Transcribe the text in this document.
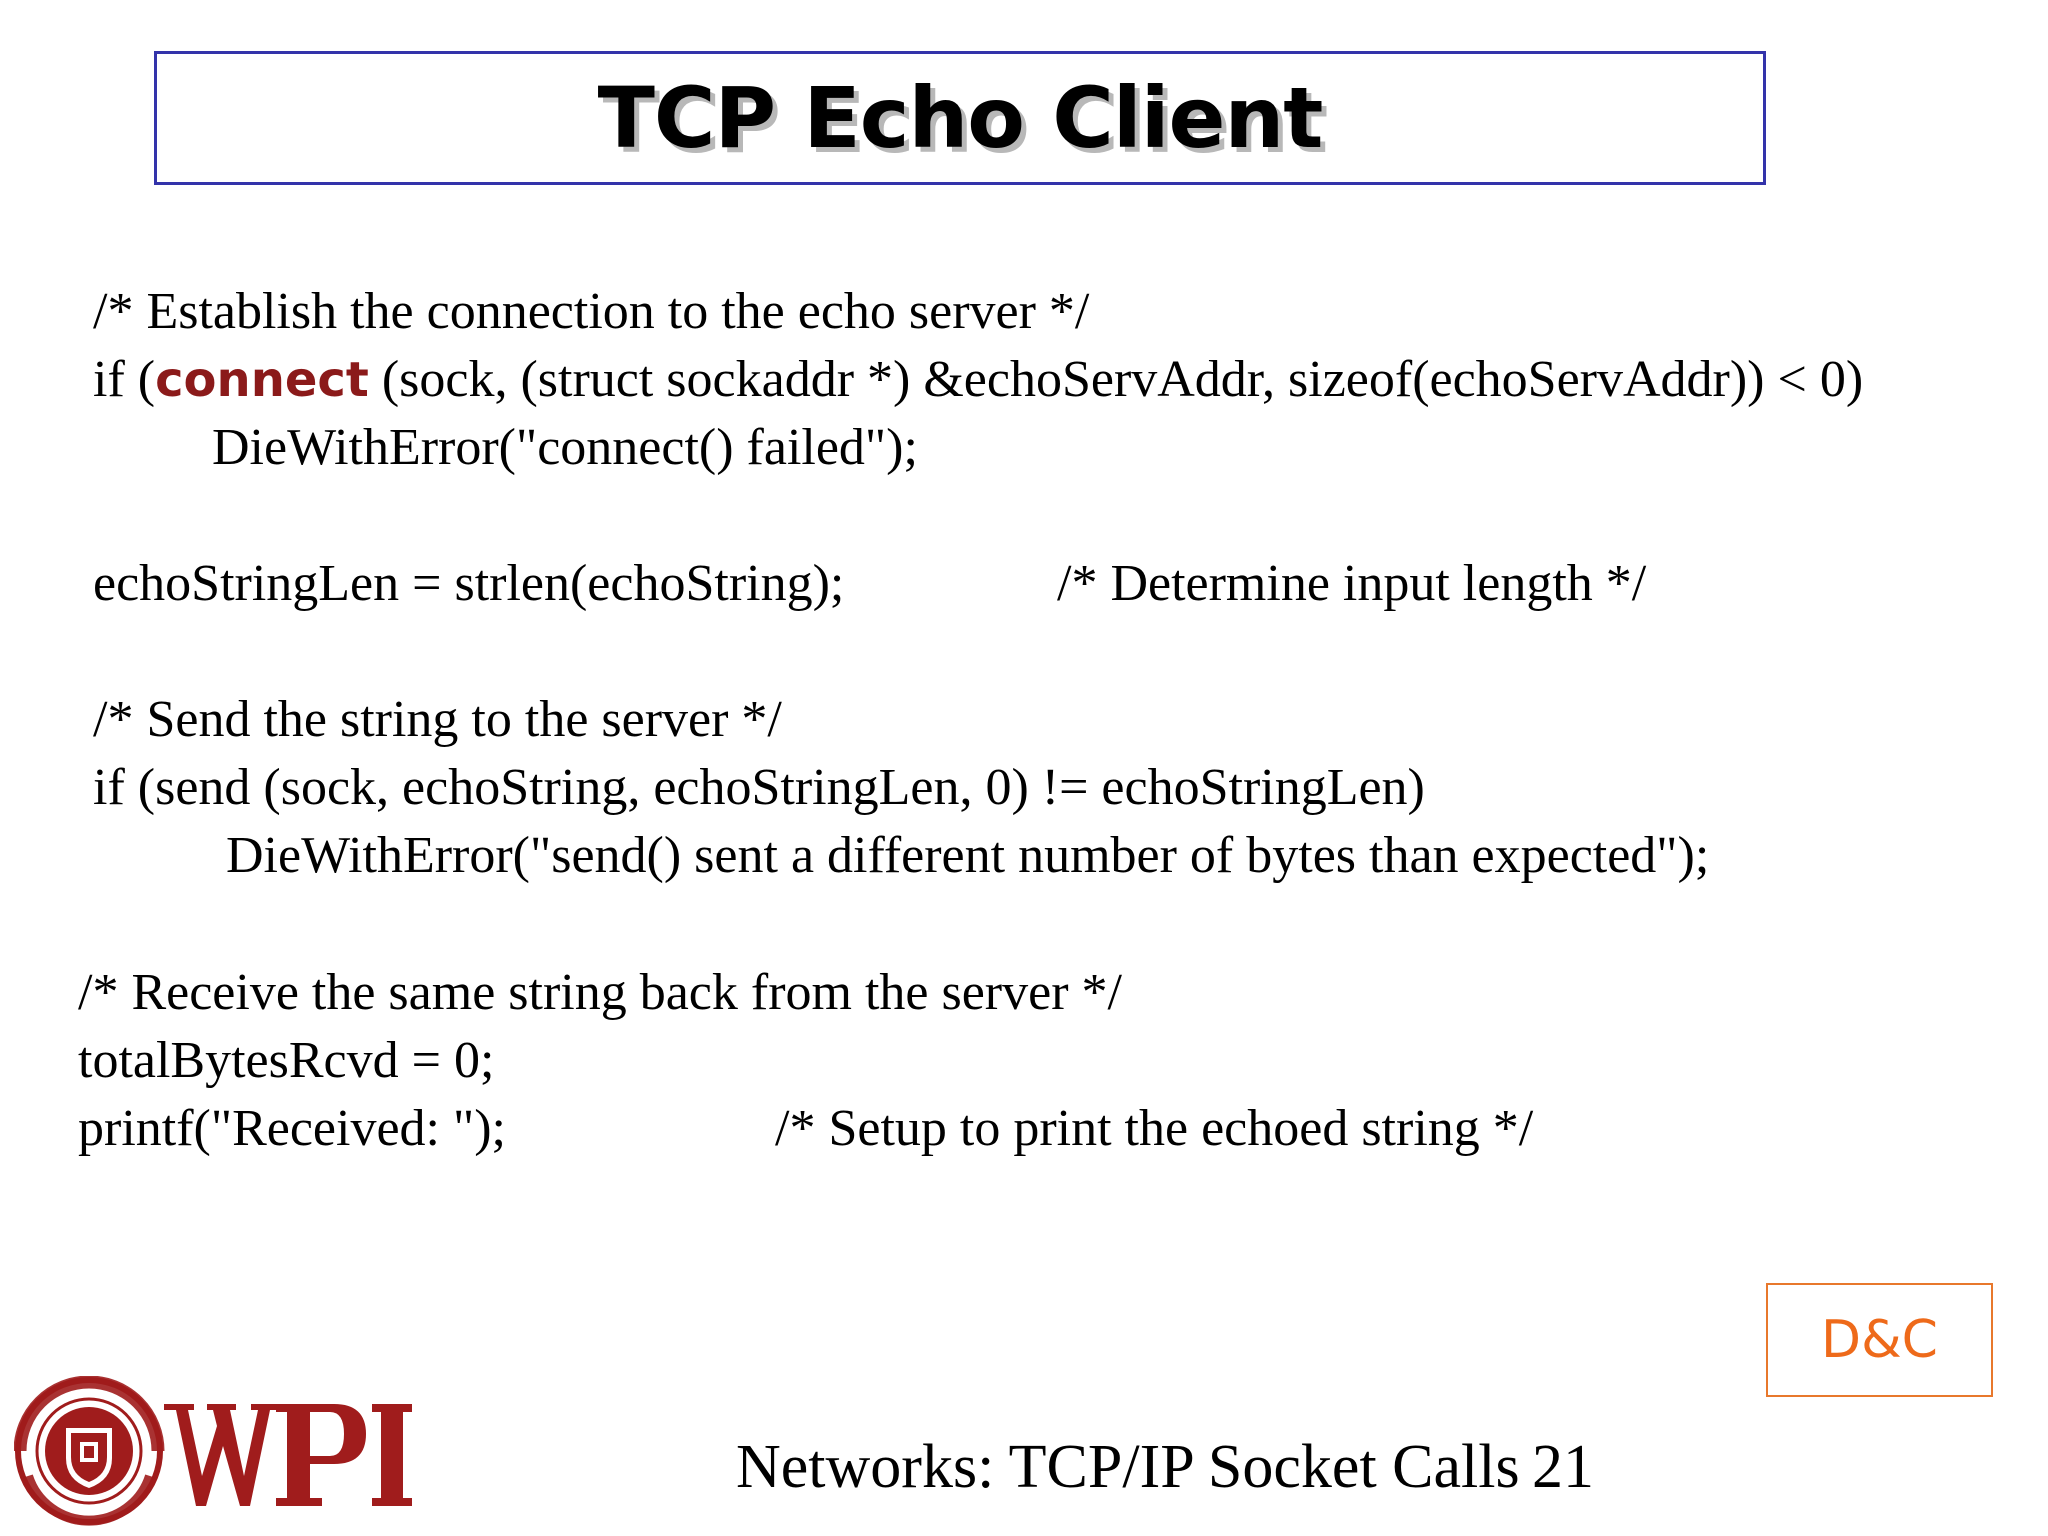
TCP Echo Client
/* Establish the connection to the echo server */
if (connect (sock, (struct sockaddr *) &echoServAddr, sizeof(echoServAddr)) < 0)
DieWithError("connect() failed");
echoStringLen = strlen(echoString);	/* Determine input length */
/* Send the string to the server */
if (send (sock, echoString, echoStringLen, 0) != echoStringLen)
DieWithError("send() sent a different number of bytes than expected");
/* Receive the same string back from the server */
totalBytesRcvd = 0;
printf("Received: ");	/* Setup to print the echoed string */
D&C
Networks: TCP/IP Socket Calls 21
